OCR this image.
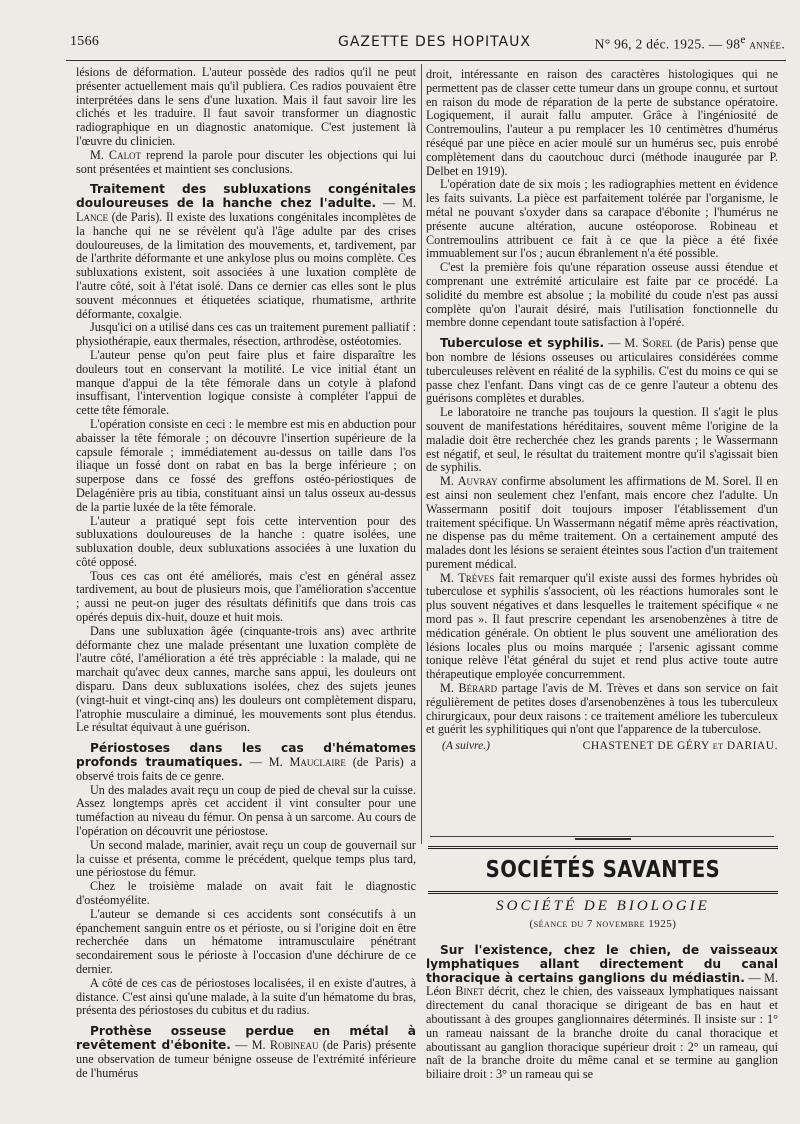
1566	GAZETTE DES HOPITAUX	N° 96, 2 déc. 1925. — 98e année.

lésions de déformation. L'auteur possède des radios qu'il ne peut présenter actuellement mais qu'il publiera. Ces radios pouvaient être interprétées dans le sens d'une luxation. Mais il faut savoir lire les clichés et les traduire. Il faut savoir transformer un diagnostic radiographique en un diagnostic anatomique. C'est justement là l'œuvre du clinicien.

M. Calot reprend la parole pour discuter les objections qui lui sont présentées et maintient ses conclusions.

Traitement des subluxations congénitales douloureuses de la hanche chez l'adulte. — M. Lance (de Paris). Il existe des luxations congénitales incomplètes de la hanche qui ne se révèlent qu'à l'âge adulte par des crises douloureuses, de la limitation des mouvements, et, tardivement, par de l'arthrite déformante et une ankylose plus ou moins complète. Ces subluxations existent, soit associées à une luxation complète de l'autre côté, soit à l'état isolé. Dans ce dernier cas elles sont le plus souvent méconnues et étiquetées sciatique, rhumatisme, arthrite déformante, coxalgie.

Jusqu'ici on a utilisé dans ces cas un traitement purement palliatif : physiothérapie, eaux thermales, résection, arthrodèse, ostéotomies.

L'auteur pense qu'on peut faire plus et faire disparaître les douleurs tout en conservant la motilité. Le vice initial étant un manque d'appui de la tête fémorale dans un cotyle à plafond insuffisant, l'intervention logique consiste à compléter l'appui de cette tête fémorale.

L'opération consiste en ceci : le membre est mis en abduction pour abaisser la tête fémorale ; on découvre l'insertion supérieure de la capsule fémorale ; immédiatement au-dessus on taille dans l'os iliaque un fossé dont on rabat en bas la berge inférieure ; on superpose dans ce fossé des greffons ostéo-périostiques de Delagénière pris au tibia, constituant ainsi un talus osseux au-dessus de la partie luxée de la tête fémorale.

L'auteur a pratiqué sept fois cette intervention pour des subluxations douloureuses de la hanche : quatre isolées, une subluxation double, deux subluxations associées à une luxation du côté opposé.

Tous ces cas ont été améliorés, mais c'est en général assez tardivement, au bout de plusieurs mois, que l'amélioration s'accentue ; aussi ne peut-on juger des résultats définitifs que dans trois cas opérés depuis dix-huit, douze et huit mois.

Dans une subluxation âgée (cinquante-trois ans) avec arthrite déformante chez une malade présentant une luxation complète de l'autre côté, l'amélioration a été très appréciable : la malade, qui ne marchait qu'avec deux cannes, marche sans appui, les douleurs ont disparu. Dans deux subluxations isolées, chez des sujets jeunes (vingt-huit et vingt-cinq ans) les douleurs ont complètement disparu, l'atrophie musculaire a diminué, les mouvements sont plus étendus. Le résultat équivaut à une guérison.

Périostoses dans les cas d'hématomes profonds traumatiques. — M. Mauclaire (de Paris) a observé trois faits de ce genre.

Un des malades avait reçu un coup de pied de cheval sur la cuisse. Assez longtemps après cet accident il vint consulter pour une tuméfaction au niveau du fémur. On pensa à un sarcome. Au cours de l'opération on découvrit une périostose.

Un second malade, marinier, avait reçu un coup de gouvernail sur la cuisse et présenta, comme le précédent, quelque temps plus tard, une périostose du fémur.

Chez le troisième malade on avait fait le diagnostic d'ostéomyélite.

L'auteur se demande si ces accidents sont consécutifs à un épanchement sanguin entre os et périoste, ou si l'origine doit en être recherchée dans un hématome intramusculaire pénétrant secondairement sous le périoste à l'occasion d'une déchirure de ce dernier.

A côté de ces cas de périostoses localisées, il en existe d'autres, à distance. C'est ainsi qu'une malade, à la suite d'un hématome du bras, présenta des périostoses du cubitus et du radius.

Prothèse osseuse perdue en métal à revêtement d'ébonite. — M. Robineau (de Paris) présente une observation de tumeur bénigne osseuse de l'extrémité inférieure de l'humérus

droit, intéressante en raison des caractères histologiques qui ne permettent pas de classer cette tumeur dans un groupe connu, et surtout en raison du mode de réparation de la perte de substance opératoire. Logiquement, il aurait fallu amputer. Grâce à l'ingéniosité de Contremoulins, l'auteur a pu remplacer les 10 centimètres d'humérus réséqué par une pièce en acier moulé sur un humérus sec, puis enrobé complètement dans du caoutchouc durci (méthode inaugurée par P. Delbet en 1919).

L'opération date de six mois ; les radiographies mettent en évidence les faits suivants. La pièce est parfaitement tolérée par l'organisme, le métal ne pouvant s'oxyder dans sa carapace d'ébonite ; l'humérus ne présente aucune altération, aucune ostéoporose. Robineau et Contremoulins attribuent ce fait à ce que la pièce a été fixée immuablement sur l'os ; aucun ébranlement n'a été possible.

C'est la première fois qu'une réparation osseuse aussi étendue et comprenant une extrémité articulaire est faite par ce procédé. La solidité du membre est absolue ; la mobilité du coude n'est pas aussi complète qu'on l'aurait désiré, mais l'utilisation fonctionnelle du membre donne cependant toute satisfaction à l'opéré.

Tuberculose et syphilis. — M. Sorel (de Paris) pense que bon nombre de lésions osseuses ou articulaires considérées comme tuberculeuses relèvent en réalité de la syphilis. C'est du moins ce qui se passe chez l'enfant. Dans vingt cas de ce genre l'auteur a obtenu des guérisons complètes et durables.

Le laboratoire ne tranche pas toujours la question. Il s'agit le plus souvent de manifestations héréditaires, souvent même l'origine de la maladie doit être recherchée chez les grands parents ; le Wassermann est négatif, et seul, le résultat du traitement montre qu'il s'agissait bien de syphilis.

M. Auvray confirme absolument les affirmations de M. Sorel. Il en est ainsi non seulement chez l'enfant, mais encore chez l'adulte. Un Wassermann positif doit toujours imposer l'établissement d'un traitement spécifique. Un Wassermann négatif même après réactivation, ne dispense pas du même traitement. On a certainement amputé des malades dont les lésions se seraient éteintes sous l'action d'un traitement purement médical.

M. Trèves fait remarquer qu'il existe aussi des formes hybrides où tuberculose et syphilis s'associent, où les réactions humorales sont le plus souvent négatives et dans lesquelles le traitement spécifique « ne mord pas ». Il faut prescrire cependant les arsenobenzènes à titre de médication générale. On obtient le plus souvent une amélioration des lésions locales plus ou moins marquée ; l'arsenic agissant comme tonique relève l'état général du sujet et rend plus active toute autre thérapeutique employée concurremment.

M. Bérard partage l'avis de M. Trèves et dans son service on fait régulièrement de petites doses d'arsenobenzènes à tous les tuberculeux chirurgicaux, pour deux raisons : ce traitement améliore les tuberculeux et guérit les syphilitiques qui n'ont que l'apparence de la tuberculose.

(A suivre.)	CHASTENET DE GÉRY et DARIAU.
SOCIÉTÉS SAVANTES
SOCIÉTÉ DE BIOLOGIE
(séance du 7 novembre 1925)

Sur l'existence, chez le chien, de vaisseaux lymphatiques allant directement du canal thoracique à certains ganglions du médiastin. — M. Léon Binet décrit, chez le chien, des vaisseaux lymphatiques naissant directement du canal thoracique se dirigeant de bas en haut et aboutissant à des groupes ganglionnaires déterminés. Il insiste sur : 1° un rameau naissant de la branche droite du canal thoracique et aboutissant au ganglion thoracique supérieur droit : 2° un rameau, qui naît de la branche droite du même canal et se termine au ganglion biliaire droit : 3° un rameau qui se
